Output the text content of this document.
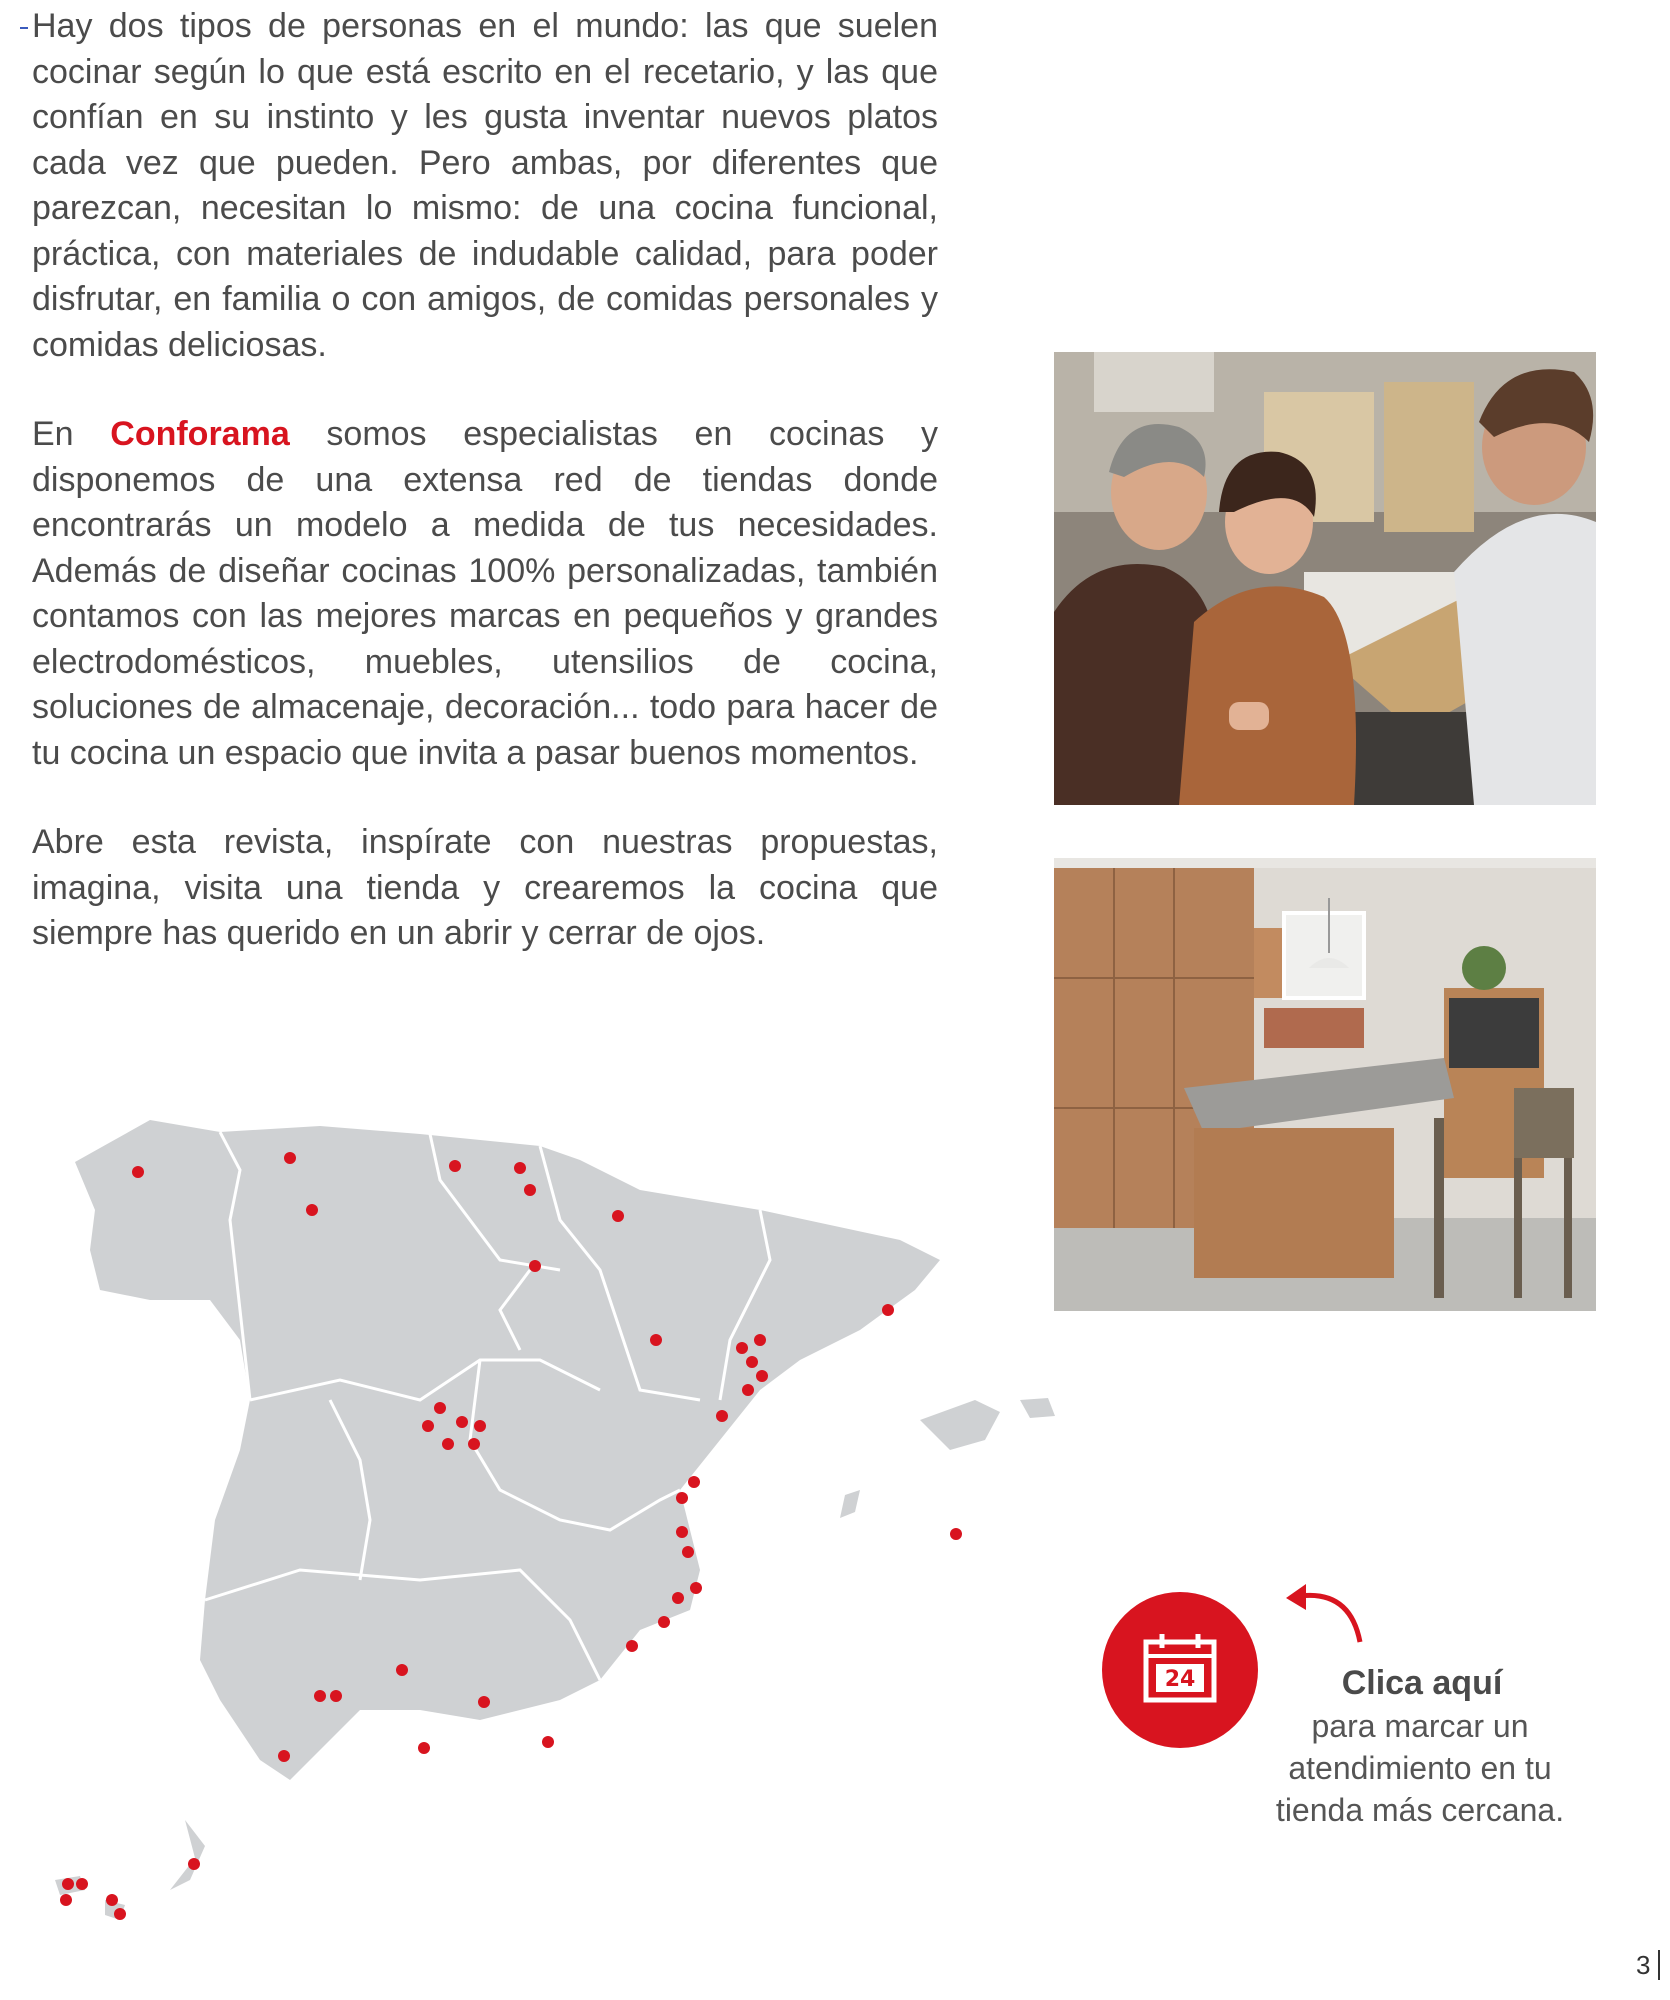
Hay dos tipos de personas en el mundo: las que suelen cocinar según lo que está escrito en el recetario, y las que confían en su instinto y les gusta inventar nuevos platos cada vez que pueden. Pero ambas, por diferentes que parezcan, necesitan lo mismo: de una cocina funcional, práctica, con materiales de indudable calidad, para poder disfrutar, en familia o con amigos, de comidas personales y comidas deliciosas.

En Conforama somos especialistas en cocinas y disponemos de una extensa red de tiendas donde encontrarás un modelo a medida de tus necesidades. Además de diseñar cocinas 100% personalizadas, también contamos con las mejores marcas en pequeños y grandes electrodomésticos, muebles, utensilios de cocina, soluciones de almacenaje, decoración... todo para hacer de tu cocina un espacio que invita a pasar buenos momentos.

Abre esta revista, inspírate con nuestras propuestas, imagina, visita una tienda y crearemos la cocina que siempre has querido en un abrir y cerrar de ojos.

24	Clica aquí
para marcar un
atendimiento en tu
tienda más cercana.
3
